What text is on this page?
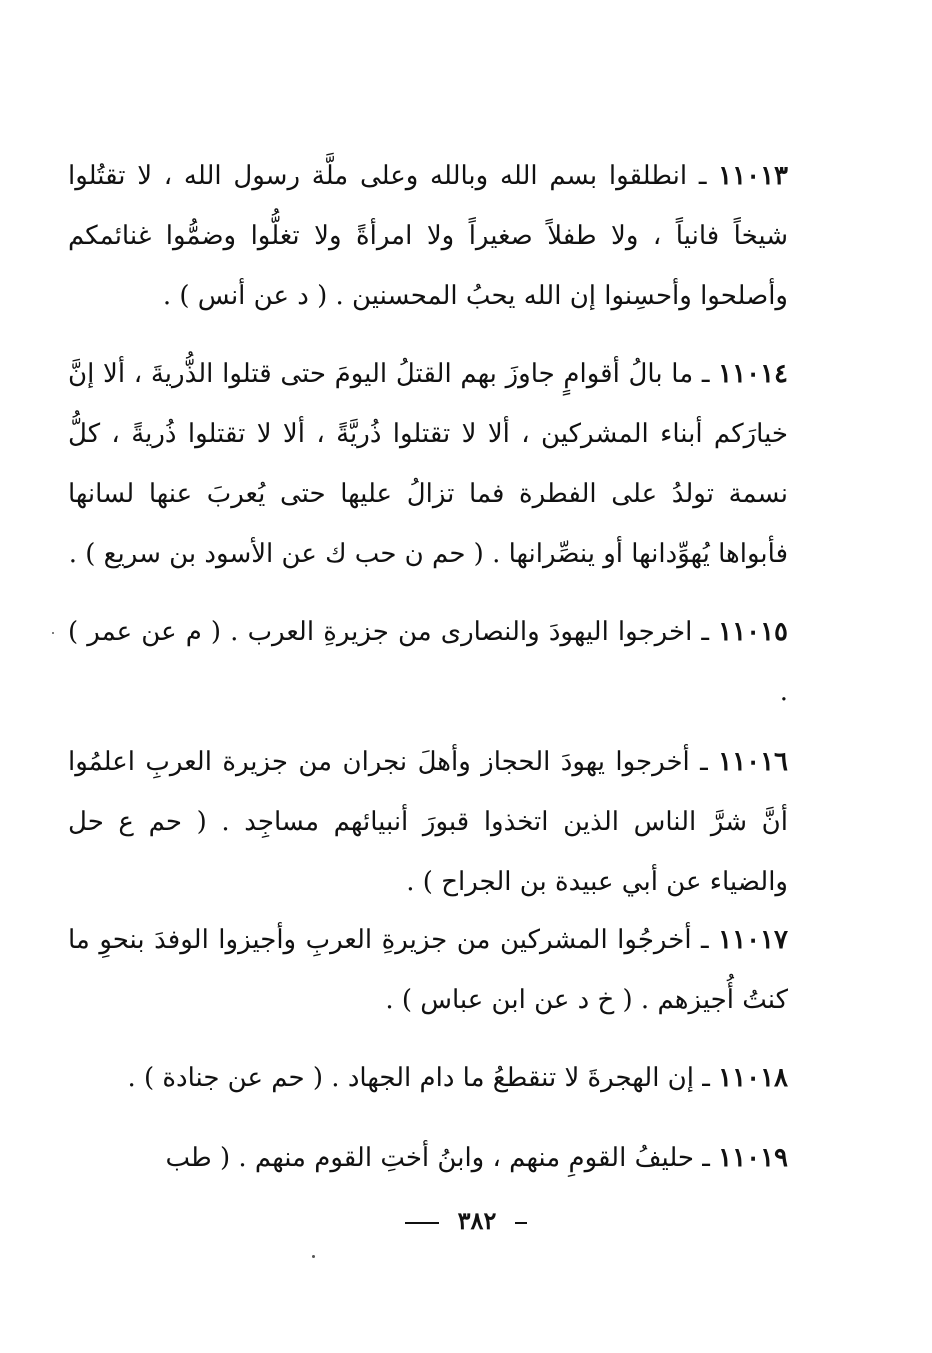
١١٠١٣ ـ انطلقوا بسم الله وبالله وعلى ملَّة رسول الله ، لا تقتُلوا شيخاً فانياً ، ولا طفلاً صغيراً ولا امرأةً ولا تغلُّوا وضمُّوا غنائمكم وأصلحوا وأحسِنوا إن الله يحبُ المحسنين . ( د عن أنس ) .

١١٠١٤ ـ ما بالُ أقوامٍ جاوزَ بهم القتلُ اليومَ حتى قتلوا الذُّريةَ ، ألا إنَّ خيارَكم أبناء المشركين ، ألا لا تقتلوا ذُريَّةً ، ألا لا تقتلوا ذُريةً ، كلُّ نسمة تولدُ على الفطرة فما تزالُ عليها حتى يُعربَ عنها لسانها فأبواها يُهوِّدانها أو ينصِّرانها . ( حم ن حب ك عن الأسود بن سريع ) .

١١٠١٥ ـ اخرجوا اليهودَ والنصارى من جزيرةِ العرب . ( م عن عمر ) .

١١٠١٦ ـ أخرجوا يهودَ الحجاز وأهلَ نجران من جزيرة العربِ اعلمُوا أنَّ شرَّ الناس الذين اتخذوا قبورَ أنبيائهم مساجِد . ( حم ع حل والضياء عن أبي عبيدة بن الجراح ) .

١١٠١٧ ـ أخرجُوا المشركين من جزيرةِ العربِ وأجيزوا الوفدَ بنحوِ ما كنتُ أُجيزهم . ( خ د عن ابن عباس ) .

١١٠١٨ ـ إن الهجرةَ لا تنقطعُ ما دام الجهاد . ( حم عن جنادة ) .

١١٠١٩ ـ حليفُ القومِ منهم ، وابنُ أختِ القوم منهم . ( طب

٣٨٢
